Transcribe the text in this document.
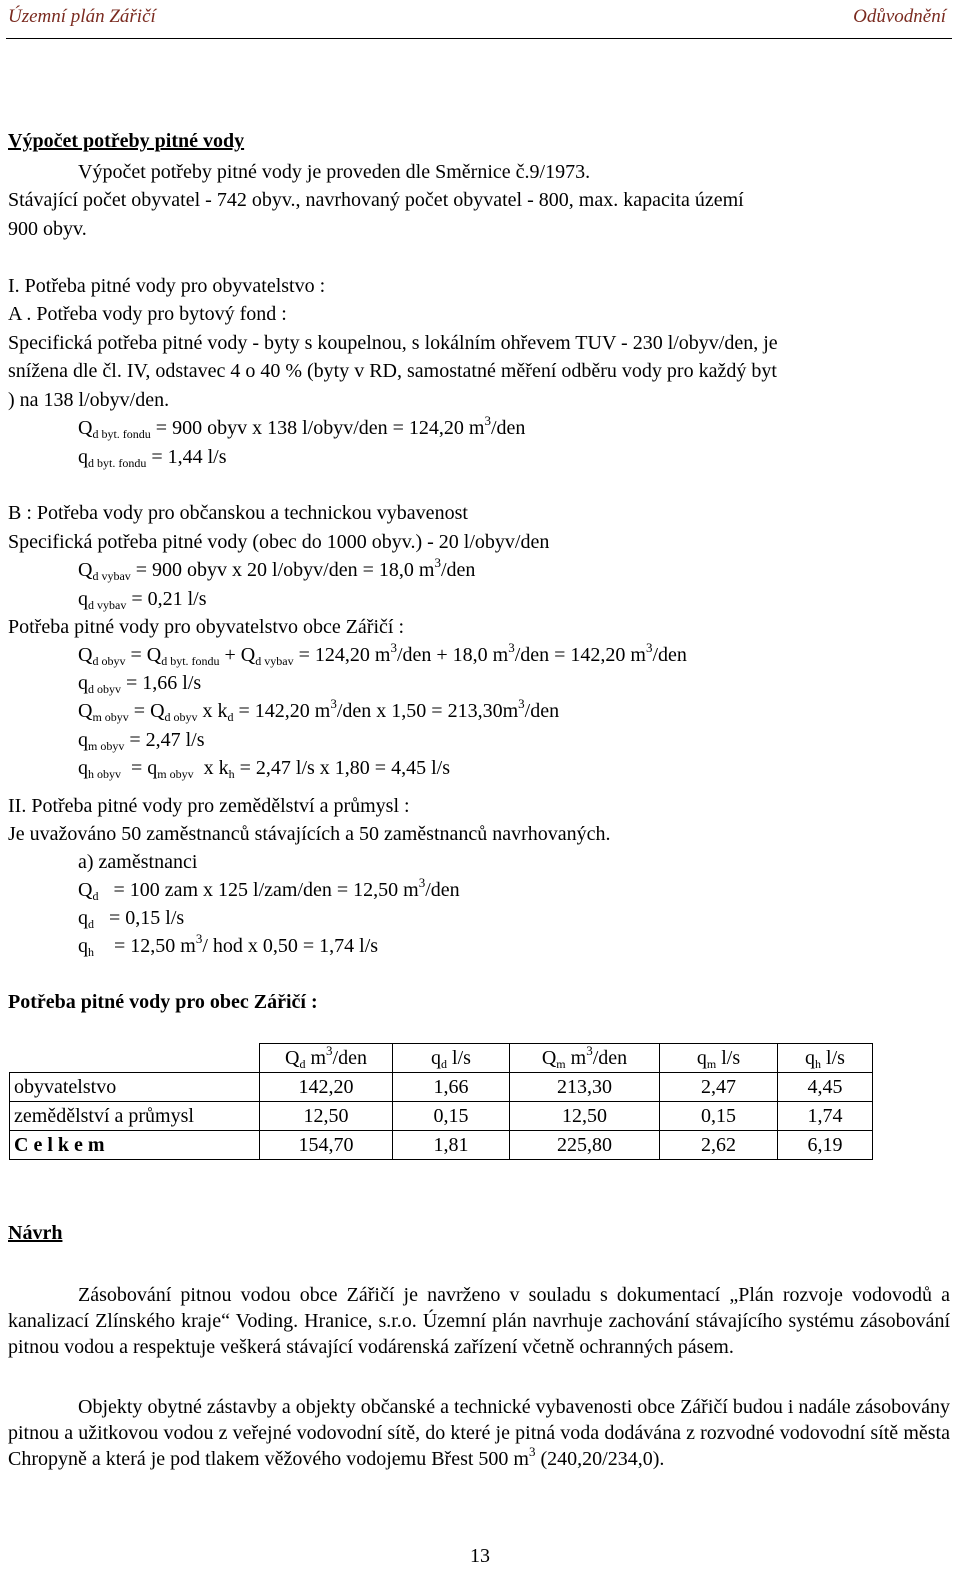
Územní plán Zářičí	Odůvodnění
Výpočet potřeby pitné vody
Výpočet potřeby pitné vody je proveden dle Směrnice č.9/1973.
Stávající počet obyvatel - 742 obyv., navrhovaný počet obyvatel - 800, max. kapacita území
900 obyv.
I. Potřeba pitné vody pro obyvatelstvo :
A . Potřeba vody pro bytový fond :
Specifická potřeba pitné vody - byty s koupelnou, s lokálním ohřevem TUV - 230 l/obyv/den, je
snížena dle čl. IV, odstavec 4 o 40 % (byty v RD, samostatné měření odběru vody pro každý byt
) na 138 l/obyv/den.
$Q_{d byt. fondu} = 900$ obyv x 138 l/obyv/den = 124,20 $m^3$/den
$q_{d byt. fondu} = 1,44$ l/s
B : Potřeba vody pro občanskou a technickou vybavenost
Specifická potřeba pitné vody (obec do 1000 obyv.) - 20 l/obyv/den
$Q_{d vybav} = 900$ obyv x 20 l/obyv/den = 18,0 $m^3$/den
$q_{d vybav} = 0,21$ l/s
Potřeba pitné vody pro obyvatelstvo obce Zářičí :
$Q_{d obyv} = Q_{d byt. fondu} + Q_{d vybav} = 124,20$ $m^3$/den + 18,0 $m^3$/den = 142,20 $m^3$/den
$q_{d obyv} = 1,66$ l/s
$Q_{m obyv} = Q_{d obyv}$ x $k_d = 142,20$ $m^3$/den x $1,50 = 213,30m^3$/den
$q_{m obyv} = 2,47$ l/s
$q_{h obyv} = q_{m obyv}$  x $k_h = 2,47$ l/s x 1,80 = 4,45 l/s
II. Potřeba pitné vody pro zemědělství a průmysl :
Je uvažováno 50 zaměstnanců stávajících a 50 zaměstnanců navrhovaných.
a) zaměstnanci
$Q_d = 100$ zam x 125 l/zam/den = 12,50 $m^3$/den
$q_d = 0,15$ l/s
$q_h$    = 12,50 $m^3/$ hod x 0,50 = 1,74 l/s
Potřeba pitné vody pro obec Zářičí :
	$Q_d$ $m^3$/den	$q_d$ l/s	$Q_m$ $m^3$/den	$q_m$ l/s	$q_h$ l/s
obyvatelstvo	142,20	1,66	213,30	2,47	4,45
zemědělství a průmysl	12,50	0,15	12,50	0,15	1,74
C e l k e m	154,70	1,81	225,80	2,62	6,19
Návrh

Zásobování pitnou vodou obce Zářičí je navrženo v souladu s dokumentací „Plán rozvoje vodovodů a kanalizací Zlínského kraje“ Voding. Hranice, s.r.o. Územní plán navrhuje zachování stávajícího systému zásobování pitnou vodou a respektuje veškerá stávající vodárenská zařízení včetně ochranných pásem.

Objekty obytné zástavby a objekty občanské a technické vybavenosti obce Zářičí budou i nadále zásobovány pitnou a užitkovou vodou z veřejné vodovodní sítě, do které je pitná voda dodávána z rozvodné vodovodní sítě města Chropyně a která je pod tlakem věžového vodojemu Břest 500 $m^3$ (240,20/234,0).

13
